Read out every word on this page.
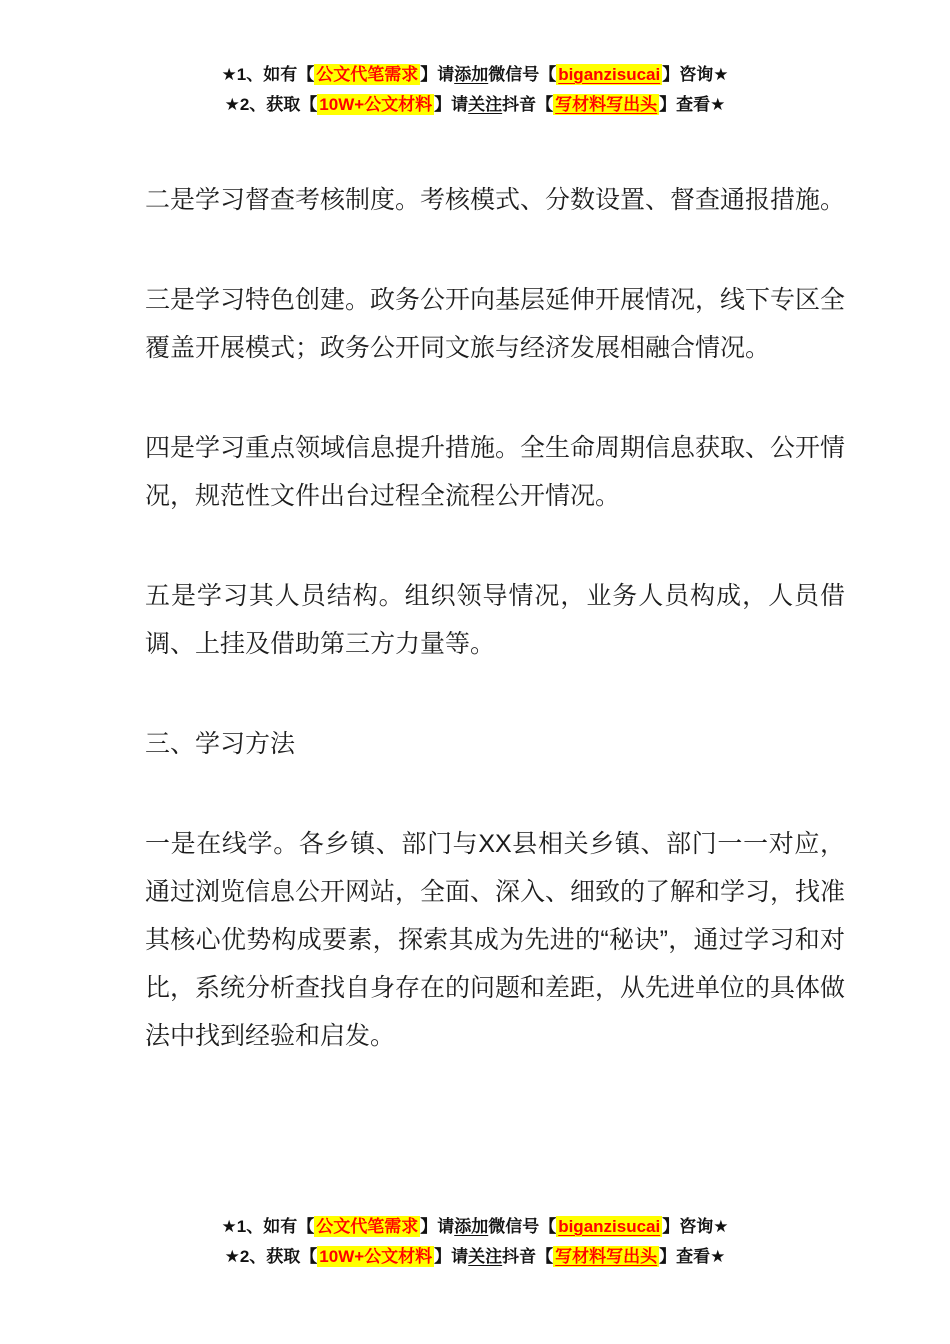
★1、如有【 公文代笔需求 】请添加微信号【 biganzisucai 】咨询★
★2、获取【 10W+公文材料 】请关注抖音【 写材料写出头 】查看★

二是学习督查考核制度。考核模式、分数设置、督查通报措施。

三是学习特色创建。政务公开向基层延伸开展情况，线下专区全覆盖开展模式；政务公开同文旅与经济发展相融合情况。

四是学习重点领域信息提升措施。全生命周期信息获取、公开情况，规范性文件出台过程全流程公开情况。

五是学习其人员结构。组织领导情况，业务人员构成，人员借调、上挂及借助第三方力量等。

三、学习方法

一是在线学。各乡镇、部门与XX县相关乡镇、部门一一对应，通过浏览信息公开网站，全面、深入、细致的了解和学习，找准其核心优势构成要素，探索其成为先进的“秘诀”，通过学习和对比，系统分析查找自身存在的问题和差距，从先进单位的具体做法中找到经验和启发。

★1、如有【 公文代笔需求 】请添加微信号【 biganzisucai 】咨询★
★2、获取【 10W+公文材料 】请关注抖音【 写材料写出头 】查看★
